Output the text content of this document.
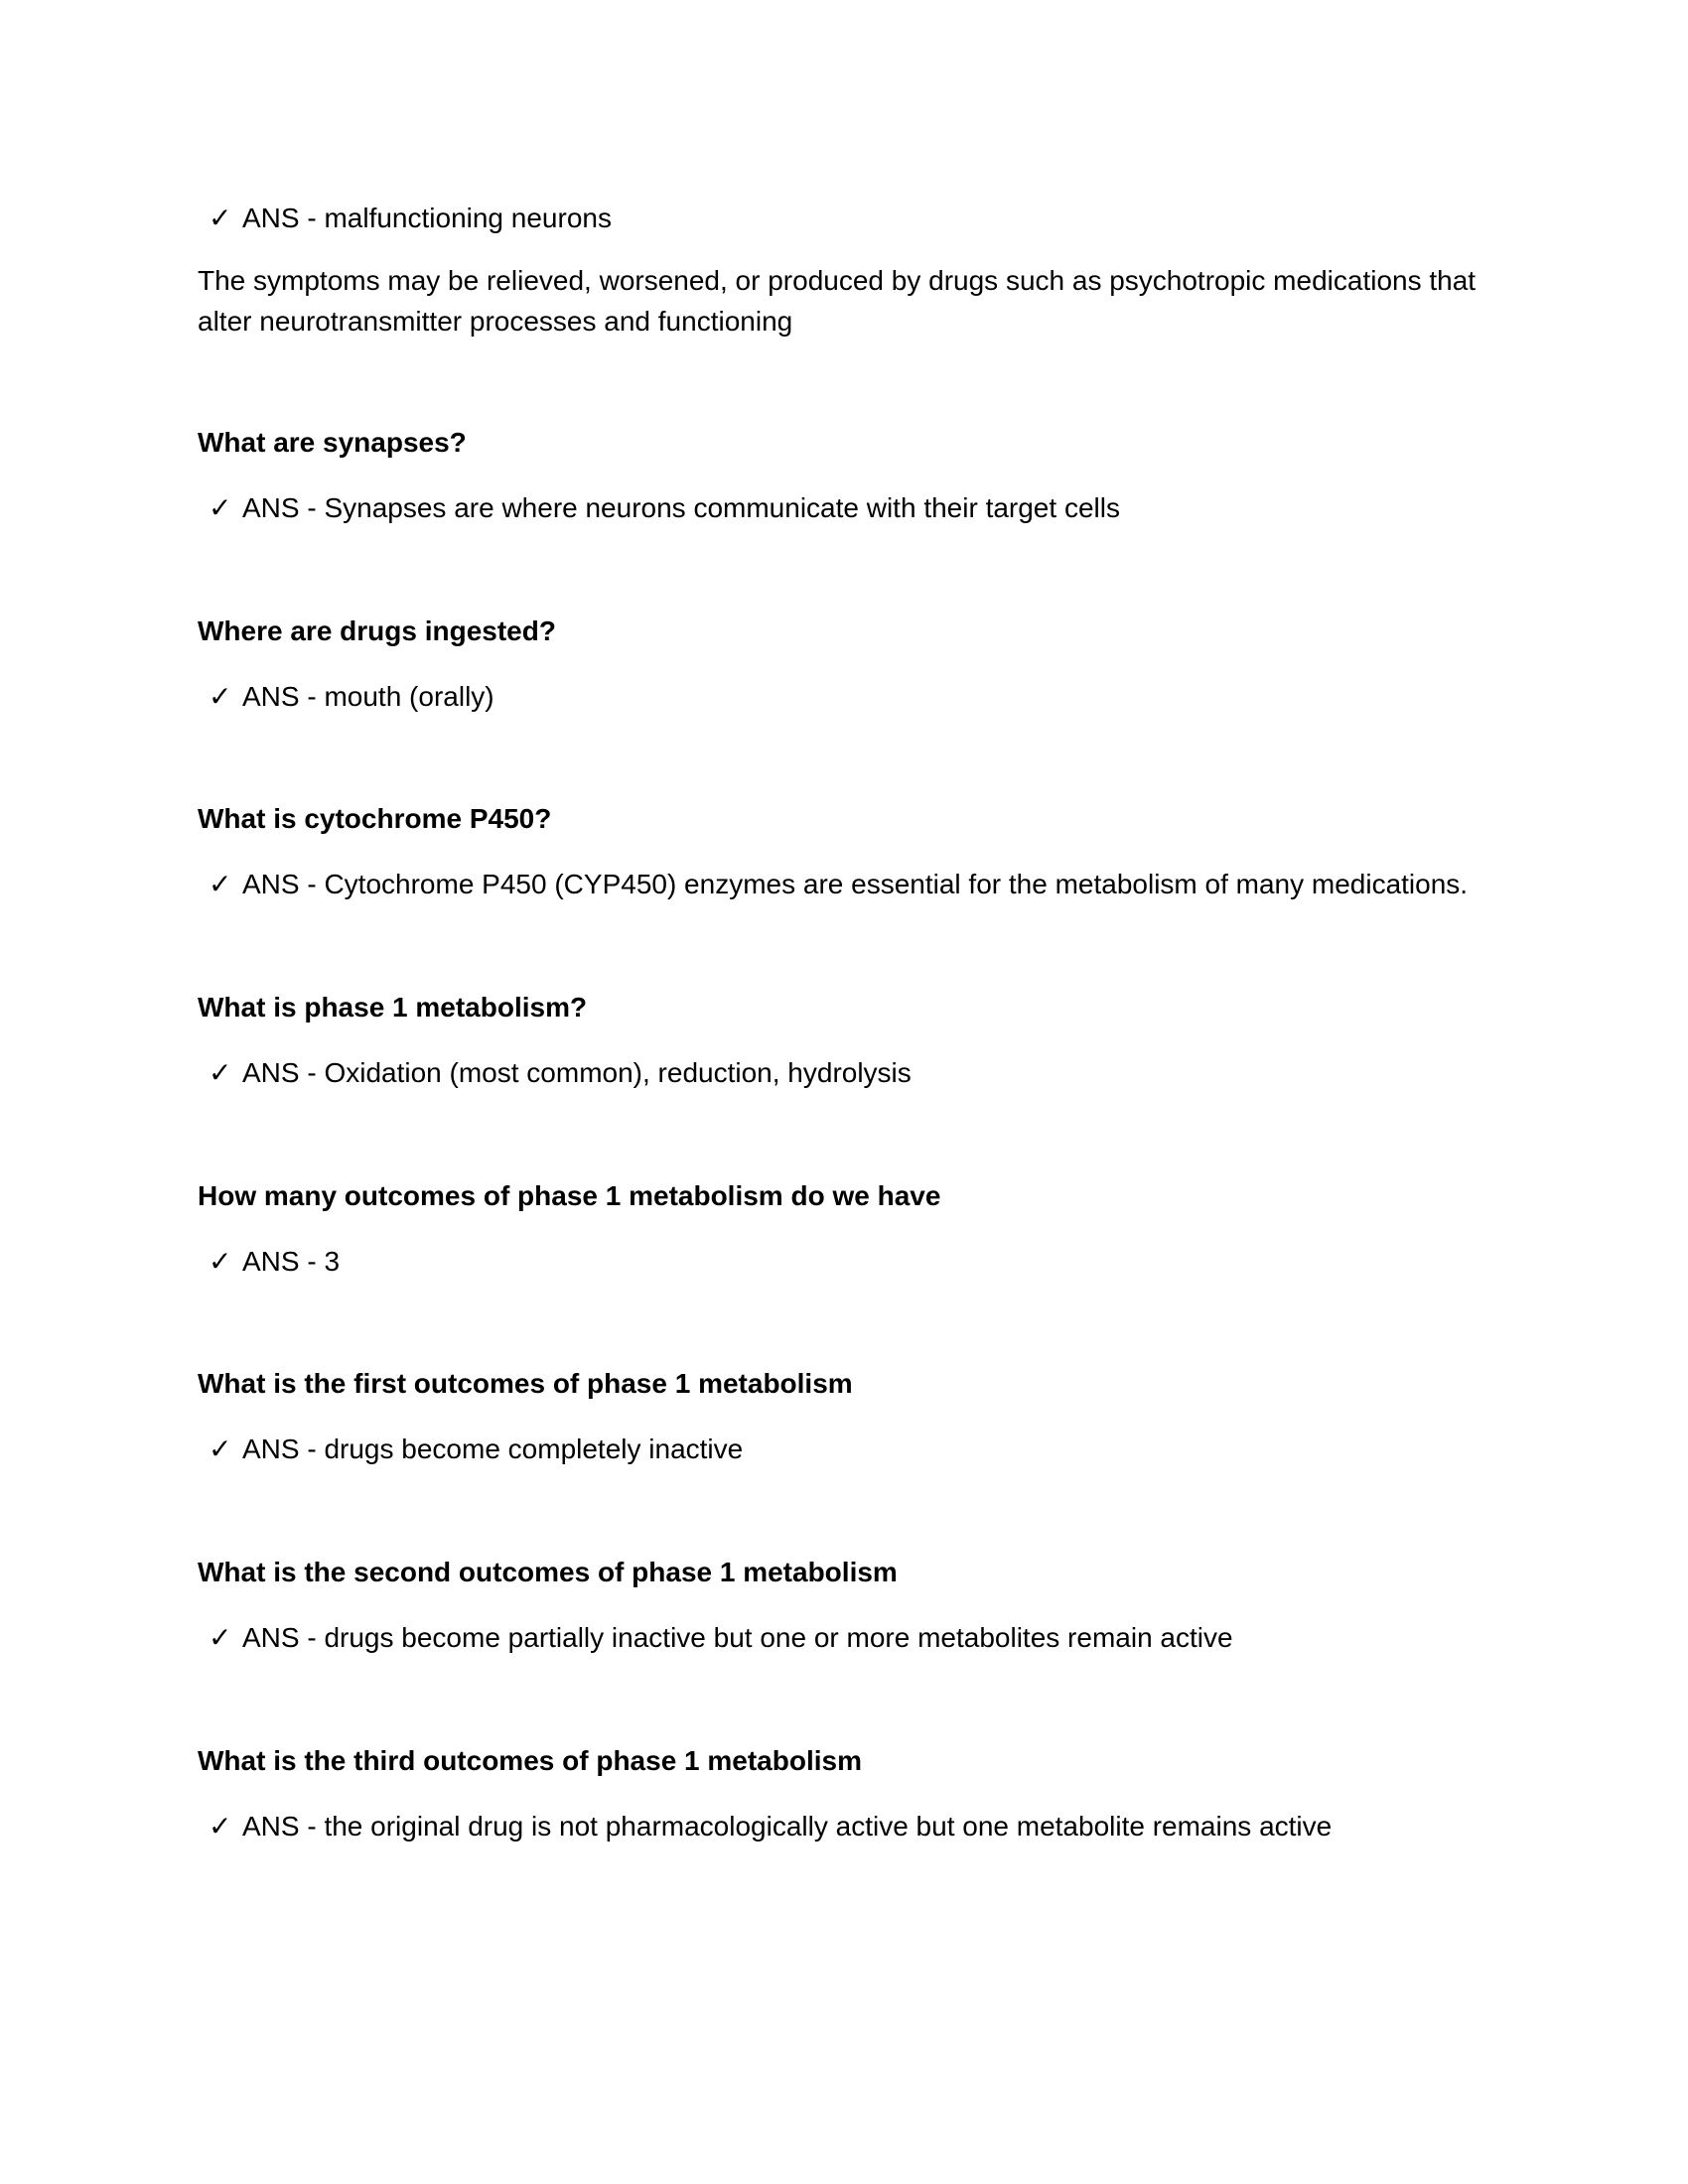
✓ ANS - malfunctioning neurons
The symptoms may be relieved, worsened, or produced by drugs such as psychotropic medications that alter neurotransmitter processes and functioning
What are synapses?
✓ ANS - Synapses are where neurons communicate with their target cells
Where are drugs ingested?
✓ ANS - mouth (orally)
What is cytochrome P450?
✓ ANS - Cytochrome P450 (CYP450) enzymes are essential for the metabolism of many medications.
What is phase 1 metabolism?
✓ ANS - Oxidation (most common), reduction, hydrolysis
How many outcomes of phase 1 metabolism do we have
✓ ANS - 3
What is the first outcomes of phase 1 metabolism
✓ ANS - drugs become completely inactive
What is the second outcomes of phase 1 metabolism
✓ ANS - drugs become partially inactive but one or more metabolites remain active
What is the third outcomes of phase 1 metabolism
✓ ANS - the original drug is not pharmacologically active but one metabolite remains active
